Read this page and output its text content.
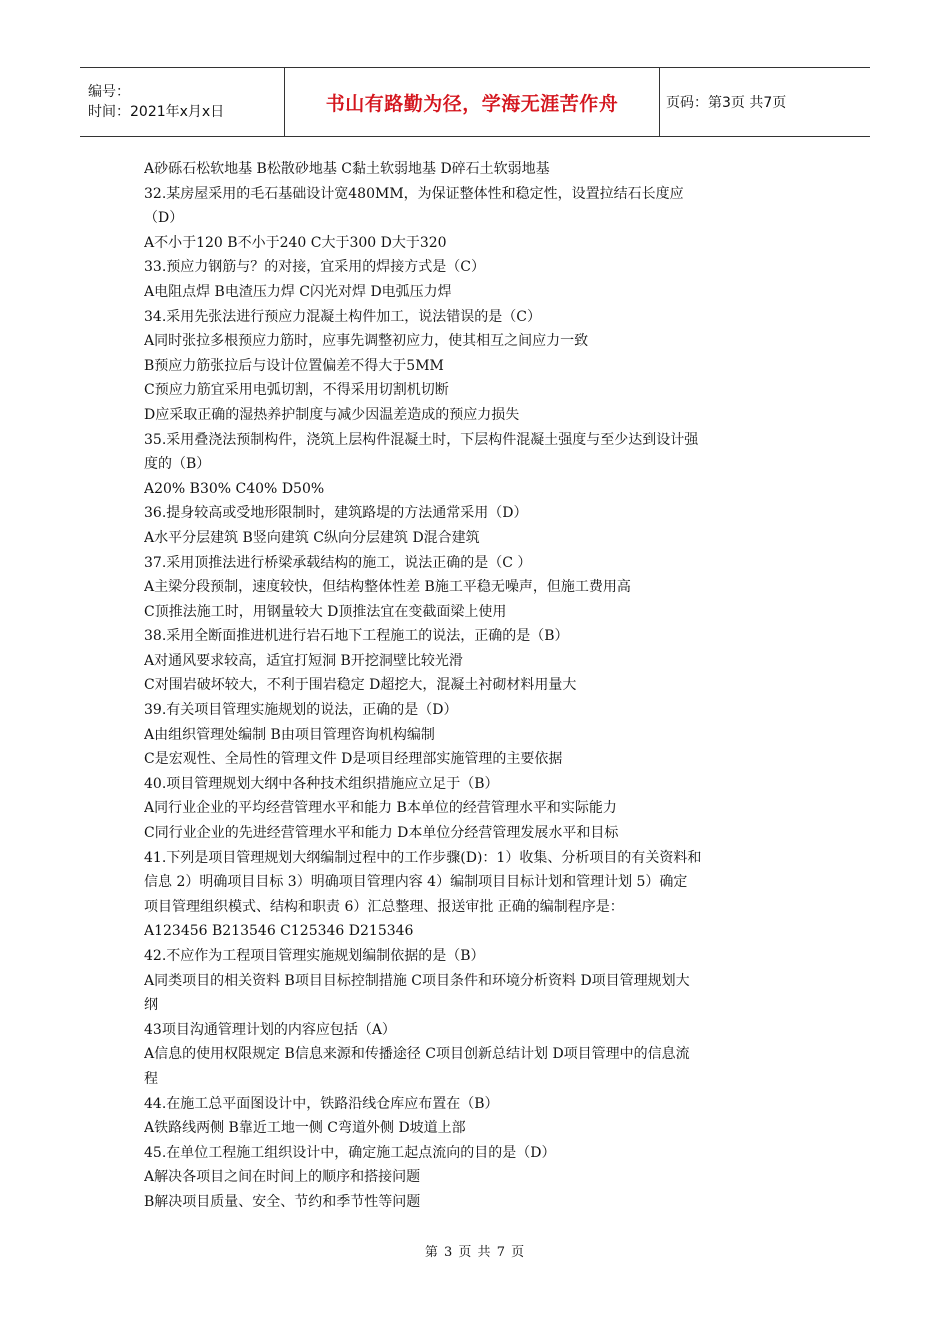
编号：
时间：2021年x月x日	书山有路勤为径，学海无涯苦作舟	页码：第3页 共7页
A砂砾石松软地基 B松散砂地基 C黏土软弱地基 D碎石土软弱地基
32.某房屋采用的毛石基础设计宽480MM，为保证整体性和稳定性，设置拉结石长度应
（D）
A不小于120 B不小于240 C大于300 D大于320
33.预应力钢筋与？的对接，宜采用的焊接方式是（C）
A电阻点焊 B电渣压力焊 C闪光对焊 D电弧压力焊
34.采用先张法进行预应力混凝土构件加工，说法错误的是（C）
A同时张拉多根预应力筋时，应事先调整初应力，使其相互之间应力一致
B预应力筋张拉后与设计位置偏差不得大于5MM
C预应力筋宜采用电弧切割，不得采用切割机切断
D应采取正确的湿热养护制度与减少因温差造成的预应力损失
35.采用叠浇法预制构件，浇筑上层构件混凝土时，下层构件混凝土强度与至少达到设计强
度的（B）
A20% B30% C40% D50%
36.提身较高或受地形限制时，建筑路堤的方法通常采用（D）
A水平分层建筑 B竖向建筑 C纵向分层建筑 D混合建筑
37.采用顶推法进行桥梁承载结构的施工，说法正确的是（C ）
A主梁分段预制，速度较快，但结构整体性差 B施工平稳无噪声，但施工费用高
C顶推法施工时，用钢量较大 D顶推法宜在变截面梁上使用
38.采用全断面推进机进行岩石地下工程施工的说法，正确的是（B）
A对通风要求较高，适宜打短洞 B开挖洞壁比较光滑
C对围岩破坏较大，不利于围岩稳定 D超挖大，混凝土衬砌材料用量大
39.有关项目管理实施规划的说法，正确的是（D）
A由组织管理处编制 B由项目管理咨询机构编制
C是宏观性、全局性的管理文件 D是项目经理部实施管理的主要依据
40.项目管理规划大纲中各种技术组织措施应立足于（B）
A同行业企业的平均经营管理水平和能力 B本单位的经营管理水平和实际能力
C同行业企业的先进经营管理水平和能力 D本单位分经营管理发展水平和目标
41.下列是项目管理规划大纲编制过程中的工作步骤(D)：1）收集、分析项目的有关资料和
信息 2）明确项目目标 3）明确项目管理内容 4）编制项目目标计划和管理计划 5）确定
项目管理组织模式、结构和职责 6）汇总整理、报送审批 正确的编制程序是：
A123456 B213546 C125346 D215346
42.不应作为工程项目管理实施规划编制依据的是（B）
A同类项目的相关资料 B项目目标控制措施 C项目条件和环境分析资料 D项目管理规划大
纲
43项目沟通管理计划的内容应包括（A）
A信息的使用权限规定 B信息来源和传播途径 C项目创新总结计划 D项目管理中的信息流
程
44.在施工总平面图设计中，铁路沿线仓库应布置在（B）
A铁路线两侧 B靠近工地一侧 C弯道外侧 D坡道上部
45.在单位工程施工组织设计中，确定施工起点流向的目的是（D）
A解决各项目之间在时间上的顺序和搭接问题
B解决项目质量、安全、节约和季节性等问题
第 3 页 共 7 页
